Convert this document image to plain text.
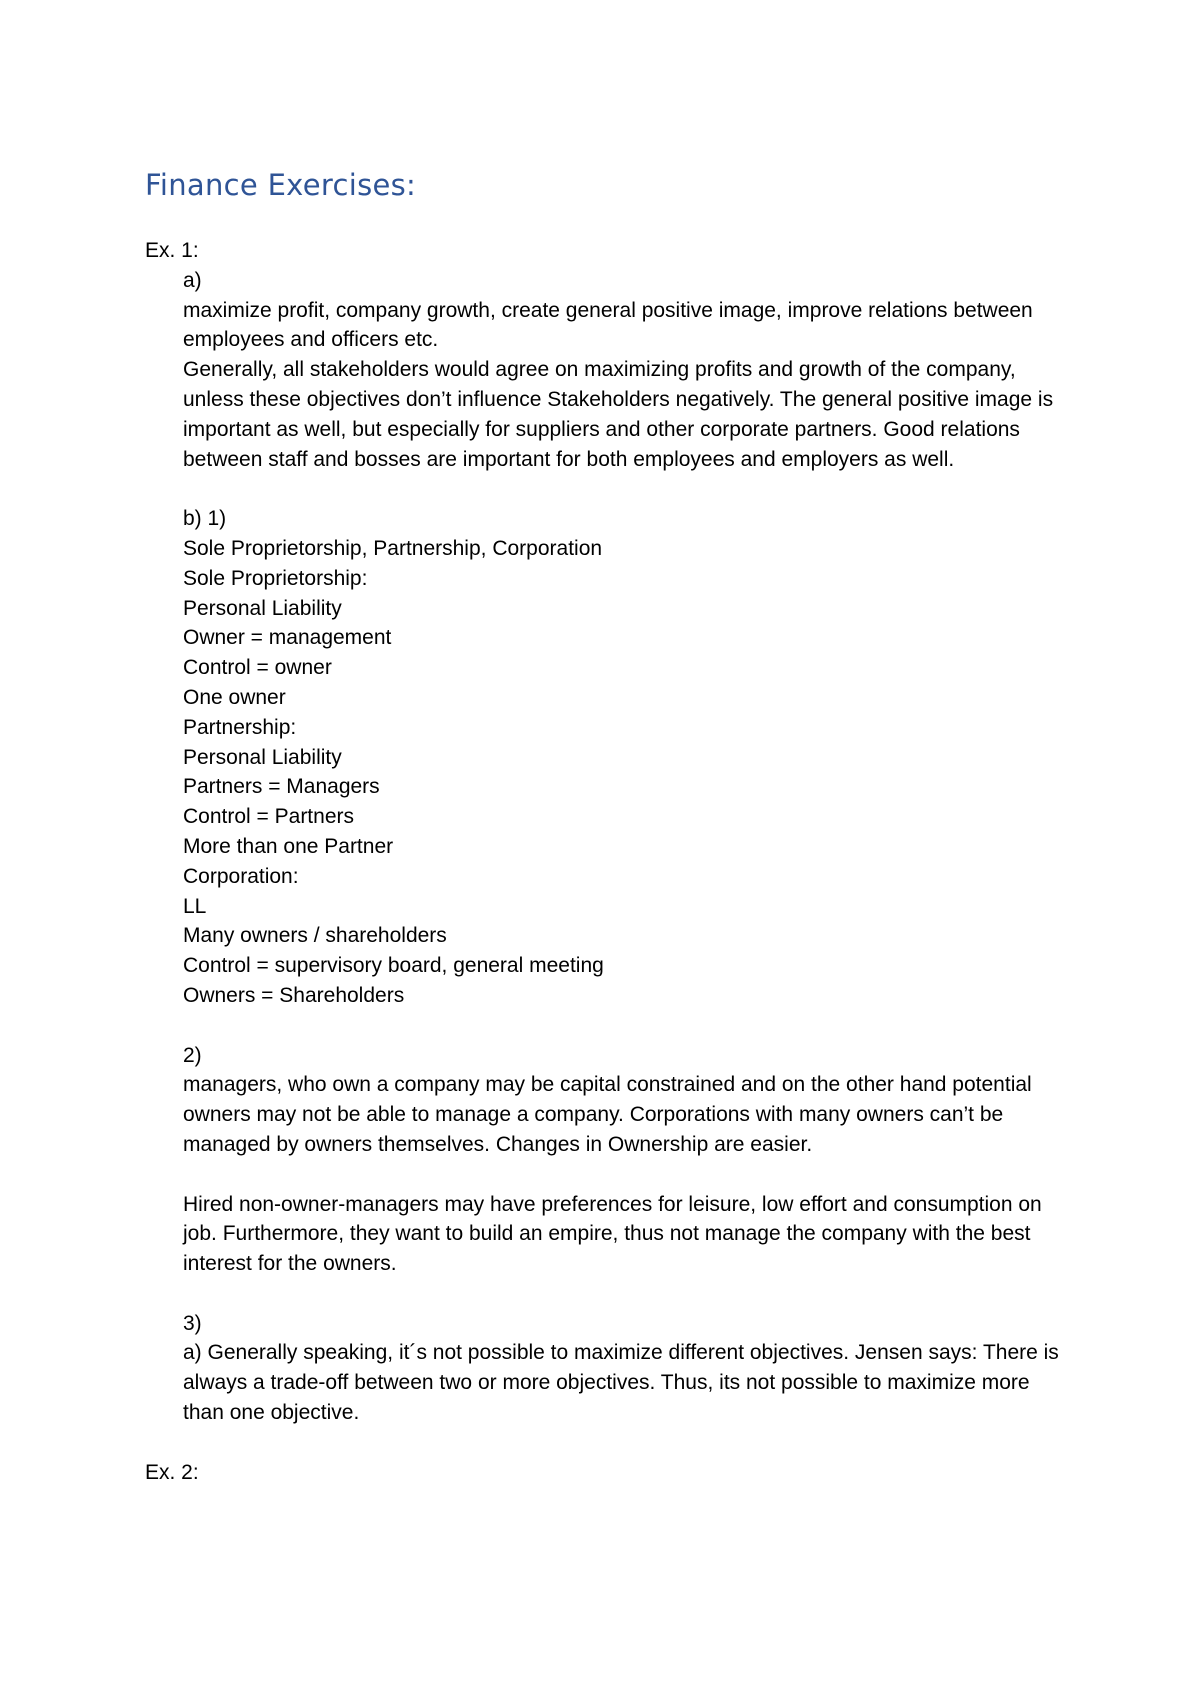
Finance Exercises:

Ex. 1:

a)

maximize profit, company growth, create general positive image, improve relations between employees and officers etc.

Generally, all stakeholders would agree on maximizing profits and growth of the company, unless these objectives don’t influence Stakeholders negatively. The general positive image is important as well, but especially for suppliers and other corporate partners. Good relations between staff and bosses are important for both employees and employers as well.

b) 1)

Sole Proprietorship, Partnership, Corporation

Sole Proprietorship:

Personal Liability

Owner = management

Control = owner

One owner

Partnership:

Personal Liability

Partners = Managers

Control = Partners

More than one Partner

Corporation:

LL

Many owners / shareholders

Control = supervisory board, general meeting

Owners = Shareholders

2)

managers, who own a company may be capital constrained and on the other hand potential owners may not be able to manage a company. Corporations with many owners can’t be managed by owners themselves. Changes in Ownership are easier.

Hired non-owner-managers may have preferences for leisure, low effort and consumption on job. Furthermore, they want to build an empire, thus not manage the company with the best interest for the owners.

3)

a) Generally speaking, it´s not possible to maximize different objectives. Jensen says: There is always a trade-off between two or more objectives. Thus, its not possible to maximize more than one objective.

Ex. 2:
